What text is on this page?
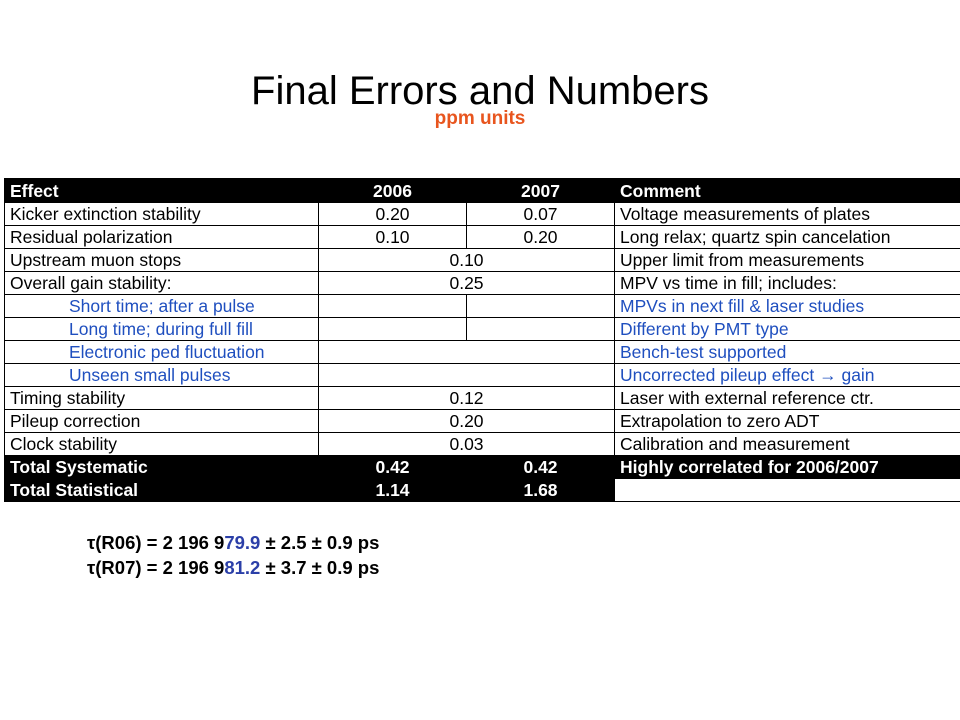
Final Errors and Numbers
ppm units
Effect	2006	2007	Comment
Kicker extinction stability	0.20	0.07	Voltage measurements of plates
Residual polarization	0.10	0.20	Long relax; quartz spin cancelation
Upstream muon stops	0.10		Upper limit from measurements
Overall gain stability:	0.25		MPV vs time in fill; includes:
Short time; after a pulse			MPVs in next fill & laser studies
Long time; during full fill			Different by PMT type
Electronic ped fluctuation			Bench-test supported
Unseen small pulses			Uncorrected pileup effect → gain
Timing stability	0.12		Laser with external reference ctr.
Pileup correction	0.20		Extrapolation to zero ADT
Clock stability	0.03		Calibration and measurement
Total Systematic	0.42	0.42	Highly correlated for 2006/2007
Total Statistical	1.14	1.68	
τ(R06) = 2 196 979.9 ± 2.5 ± 0.9 ps
τ(R07) = 2 196 981.2 ± 3.7 ± 0.9 ps
